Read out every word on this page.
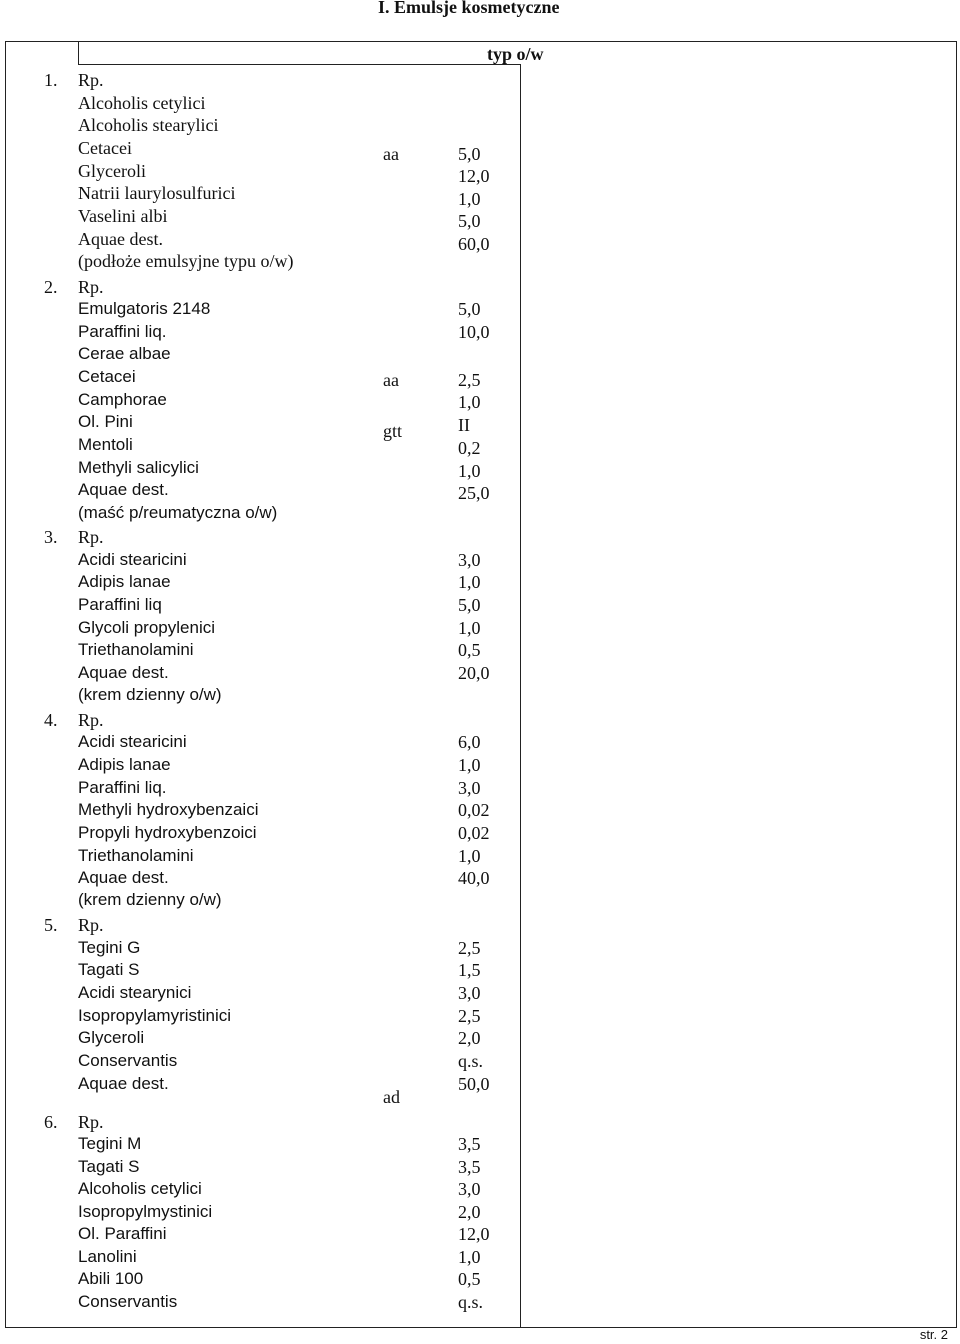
I. Emulsje kosmetyczne
typ o/w
1. Rp.
Alcoholis cetylici
Alcoholis stearylici
Cetacei
Glyceroli
Natrii laurylosulfurici
Vaselini albi
Aquae dest.
5,0
12,0
1,0
5,0
60,0
aa
(podłoże emulsyjne typu o/w)
2. Rp.
Emulgatoris 2148
Paraffini liq.
Cerae albae
Cetacei
Camphorae
Ol. Pini
Mentoli
Methyli salicylici
Aquae dest.
5,0
10,0
2,5
1,0
II
0,2
1,0
25,0
aa
gtt
(maść p/reumatyczna o/w)
3. Rp.
Acidi stearicini
Adipis lanae
Paraffini liq
Glycoli propylenici
Triethanolamini
Aquae dest.
3,0
1,0
5,0
1,0
0,5
20,0
(krem dzienny o/w)
4. Rp.
Acidi stearicini
Adipis lanae
Paraffini liq.
Methyli hydroxybenzaici
Propyli hydroxybenzoici
Triethanolamini
Aquae dest.
6,0
1,0
3,0
0,02
0,02
1,0
40,0
(krem dzienny o/w)
5. Rp.
Tegini G
Tagati S
Acidi stearynici
Isopropylamyristinici
Glyceroli
Conservantis
Aquae dest.
2,5
1,5
3,0
2,5
2,0
q.s.
50,0
ad
6. Rp.
Tegini M
Tagati S
Alcoholis cetylici
Isopropylmystinici
Ol. Paraffini
Lanolini
Abili 100
Conservantis
3,5
3,5
3,0
2,0
12,0
1,0
0,5
q.s.
str. 2
